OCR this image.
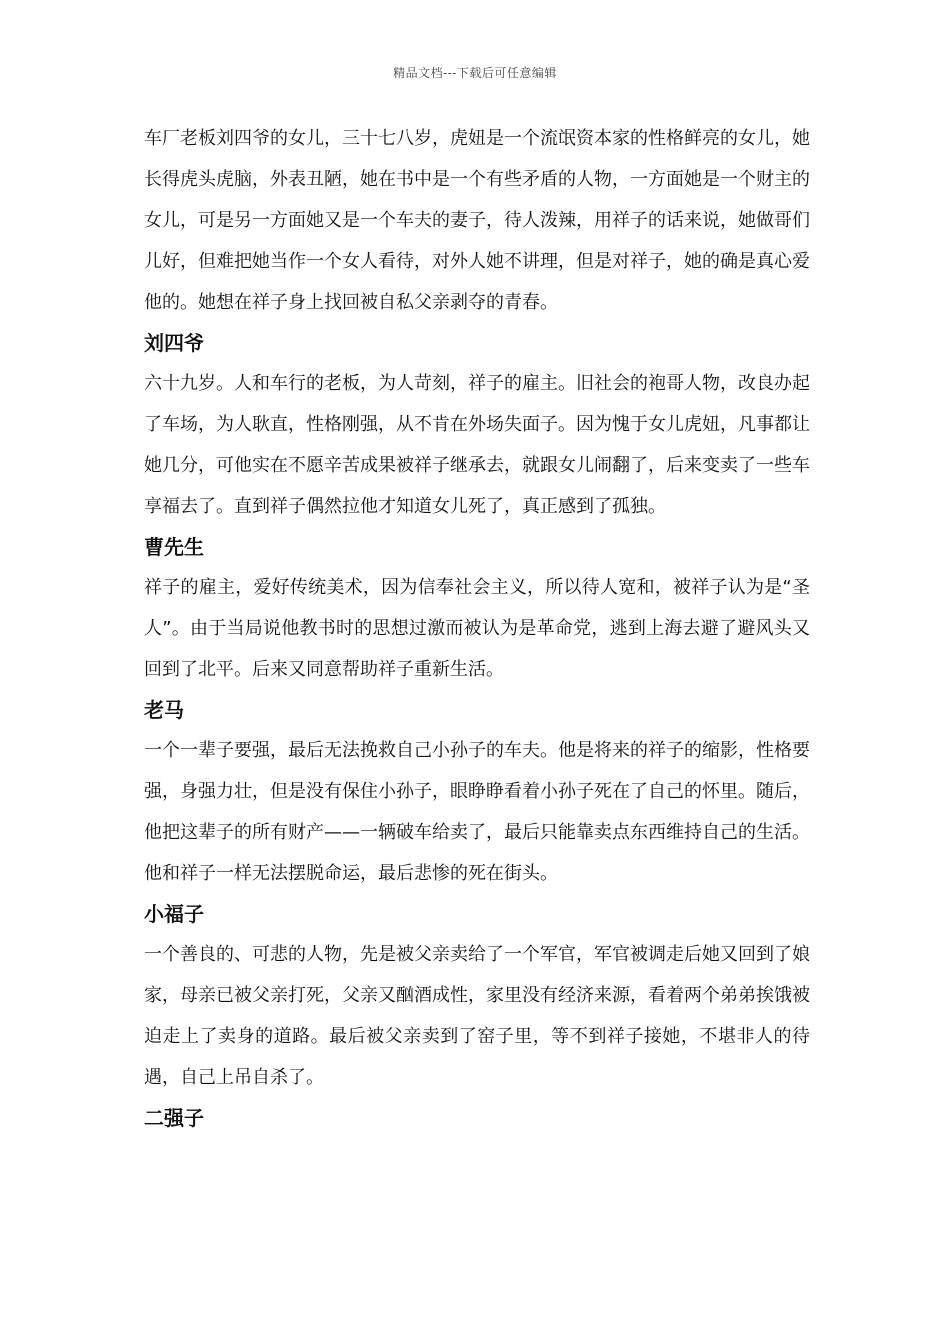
精品文档---下载后可任意编辑

车厂老板刘四爷的女儿，三十七八岁，虎妞是一个流氓资本家的性格鲜亮的女儿，她长得虎头虎脑，外表丑陋，她在书中是一个有些矛盾的人物，一方面她是一个财主的女儿，可是另一方面她又是一个车夫的妻子，待人泼辣，用祥子的话来说，她做哥们儿好，但难把她当作一个女人看待，对外人她不讲理，但是对祥子，她的确是真心爱他的。她想在祥子身上找回被自私父亲剥夺的青春。

刘四爷

六十九岁。人和车行的老板，为人苛刻，祥子的雇主。旧社会的袍哥人物，改良办起了车场，为人耿直，性格刚强，从不肯在外场失面子。因为愧于女儿虎妞，凡事都让她几分，可他实在不愿辛苦成果被祥子继承去，就跟女儿闹翻了，后来变卖了一些车享福去了。直到祥子偶然拉他才知道女儿死了，真正感到了孤独。

曹先生

祥子的雇主，爱好传统美术，因为信奉社会主义，所以待人宽和，被祥子认为是“圣人”。由于当局说他教书时的思想过激而被认为是革命党，逃到上海去避了避风头又回到了北平。后来又同意帮助祥子重新生活。

老马

一个一辈子要强，最后无法挽救自己小孙子的车夫。他是将来的祥子的缩影，性格要强，身强力壮，但是没有保住小孙子，眼睁睁看着小孙子死在了自己的怀里。随后，他把这辈子的所有财产——一辆破车给卖了，最后只能靠卖点东西维持自己的生活。他和祥子一样无法摆脱命运，最后悲惨的死在街头。

小福子

一个善良的、可悲的人物，先是被父亲卖给了一个军官，军官被调走后她又回到了娘家，母亲已被父亲打死，父亲又酗酒成性，家里没有经济来源，看着两个弟弟挨饿被迫走上了卖身的道路。最后被父亲卖到了窑子里，等不到祥子接她，不堪非人的待遇，自己上吊自杀了。

二强子
